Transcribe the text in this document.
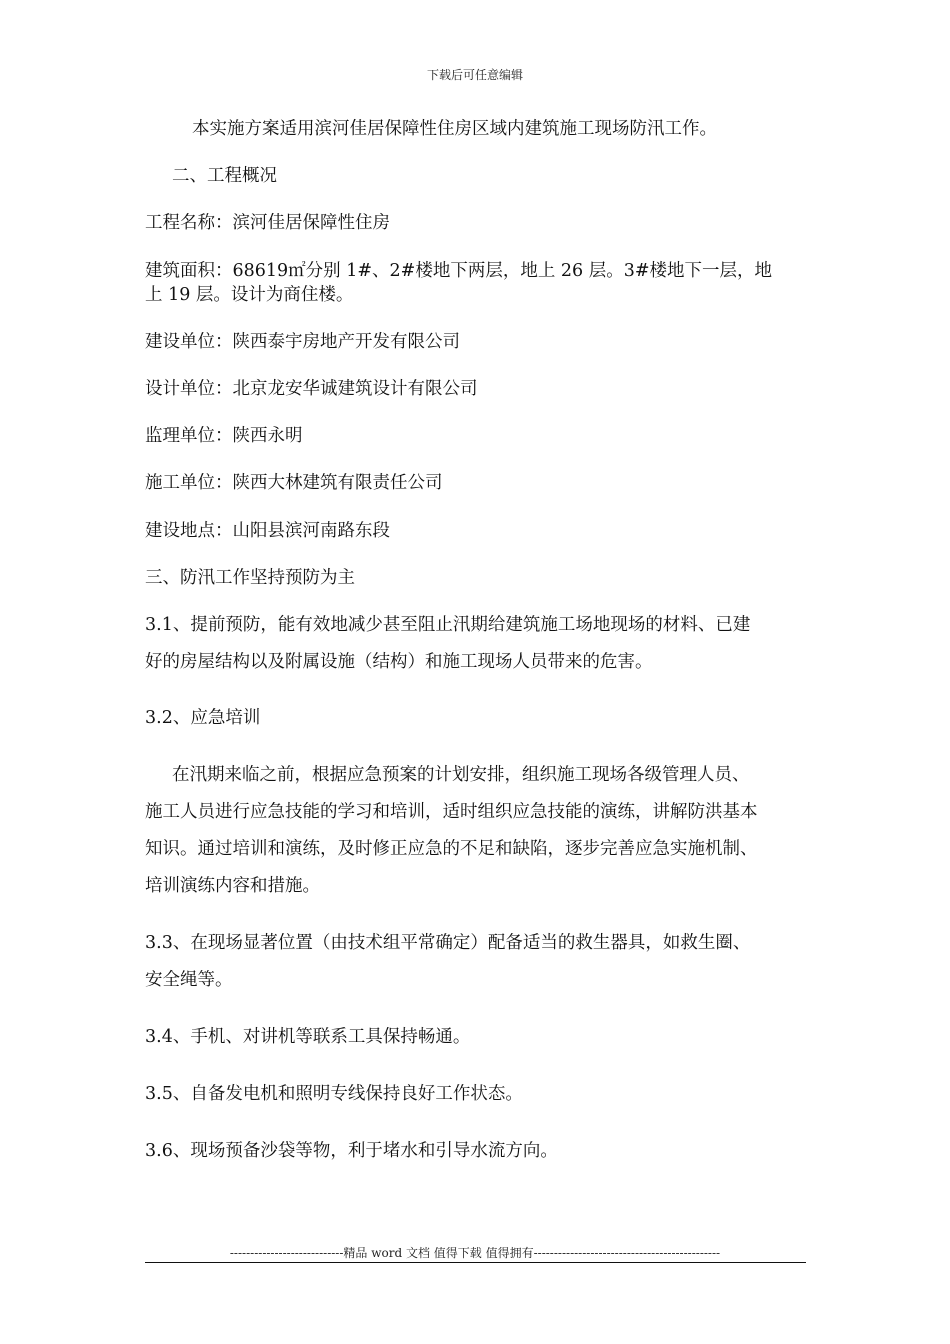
下载后可任意编辑
本实施方案适用滨河佳居保障性住房区域内建筑施工现场防汛工作。
二、工程概况
工程名称：滨河佳居保障性住房
建筑面积：68619㎡分别 1#、2#楼地下两层，地上 26 层。3#楼地下一层，地
上 19 层。设计为商住楼。
建设单位：陕西泰宇房地产开发有限公司
设计单位：北京龙安华诚建筑设计有限公司
监理单位：陕西永明
施工单位：陕西大林建筑有限责任公司
建设地点：山阳县滨河南路东段
三、防汛工作坚持预防为主
3.1、提前预防，能有效地减少甚至阻止汛期给建筑施工场地现场的材料、已建
好的房屋结构以及附属设施（结构）和施工现场人员带来的危害。
3.2、应急培训
在汛期来临之前，根据应急预案的计划安排，组织施工现场各级管理人员、
施工人员进行应急技能的学习和培训，适时组织应急技能的演练，讲解防洪基本
知识。通过培训和演练，及时修正应急的不足和缺陷，逐步完善应急实施机制、
培训演练内容和措施。
3.3、在现场显著位置（由技术组平常确定）配备适当的救生器具，如救生圈、
安全绳等。
3.4、手机、对讲机等联系工具保持畅通。
3.5、自备发电机和照明专线保持良好工作状态。
3.6、现场预备沙袋等物，利于堵水和引导水流方向。
----------------------------精品 word 文档 值得下载 值得拥有----------------------------------------------
